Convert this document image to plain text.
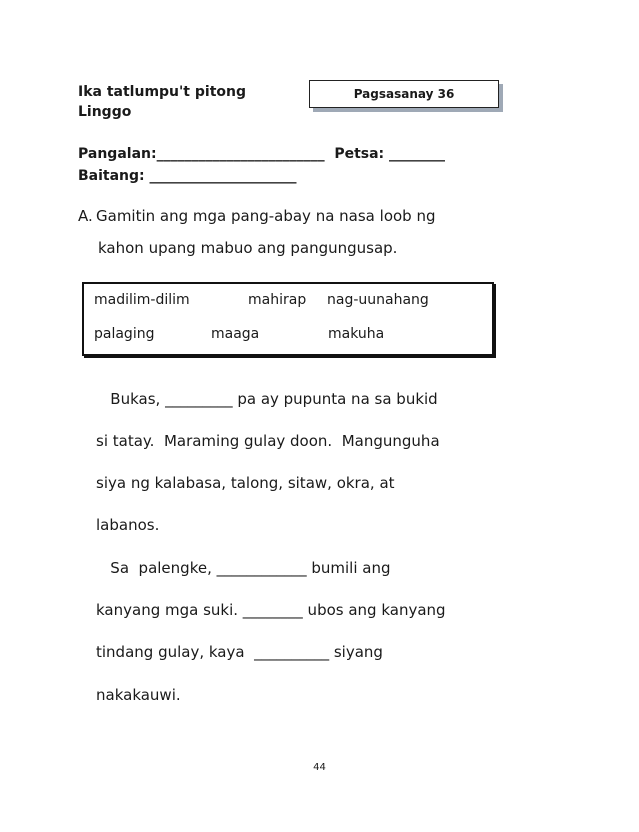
Ika tatlumpu't pitong
Linggo
Pagsasanay 36
Pangalan:________________________  Petsa: ________
Baitang: _____________________
A. Gamitin ang mga pang-abay na nasa loob ng
kahon upang mabuo ang pangungusap.
madilim-dilim	mahirap nag-uunahang
palaging	maaga	makuha
Bukas, _________ pa ay pupunta na sa bukid
si tatay.  Maraming gulay doon.  Mangunguha
siya ng kalabasa, talong, sitaw, okra, at
labanos.
Sa  palengke, ____________ bumili ang
kanyang mga suki. ________ ubos ang kanyang
tindang gulay, kaya  __________ siyang
nakakauwi.
44
